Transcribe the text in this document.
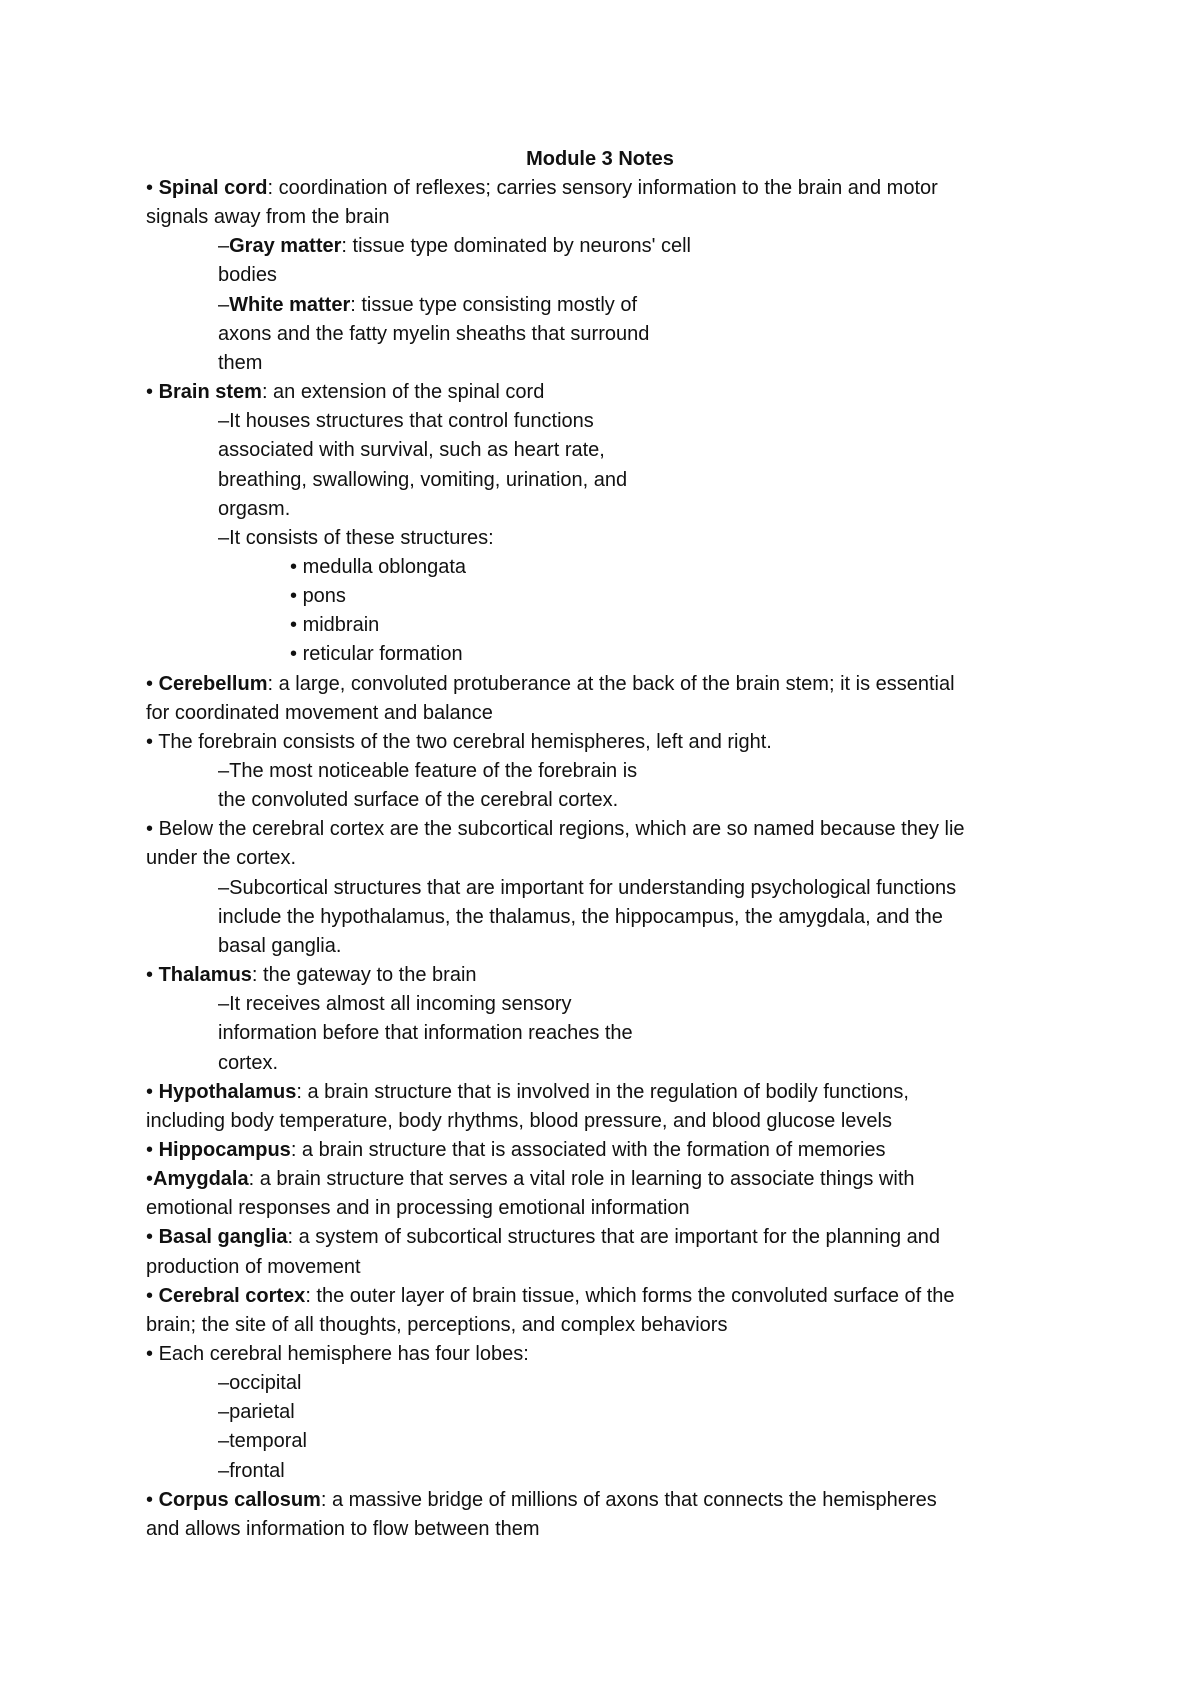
Module 3 Notes

• Spinal cord: coordination of reflexes; carries sensory information to the brain and motor

signals away from the brain

–Gray matter: tissue type dominated by neurons' cell

bodies

–White matter: tissue type consisting mostly of

axons and the fatty myelin sheaths that surround

them

• Brain stem: an extension of the spinal cord

–It houses structures that control functions

associated with survival, such as heart rate,

breathing, swallowing, vomiting, urination, and

orgasm.

–It consists of these structures:

• medulla oblongata

• pons

• midbrain

• reticular formation

• Cerebellum: a large, convoluted protuberance at the back of the brain stem; it is essential

for coordinated movement and balance

• The forebrain consists of the two cerebral hemispheres, left and right.

–The most noticeable feature of the forebrain is

the convoluted surface of the cerebral cortex.

• Below the cerebral cortex are the subcortical regions, which are so named because they lie

under the cortex.

–Subcortical structures that are important for understanding psychological functions

include the hypothalamus, the thalamus, the hippocampus, the amygdala, and the

basal ganglia.

• Thalamus: the gateway to the brain

–It receives almost all incoming sensory

information before that information reaches the

cortex.

• Hypothalamus: a brain structure that is involved in the regulation of bodily functions,

including body temperature, body rhythms, blood pressure, and blood glucose levels

• Hippocampus: a brain structure that is associated with the formation of memories

•Amygdala: a brain structure that serves a vital role in learning to associate things with

emotional responses and in processing emotional information

• Basal ganglia: a system of subcortical structures that are important for the planning and

production of movement

• Cerebral cortex: the outer layer of brain tissue, which forms the convoluted surface of the

brain; the site of all thoughts, perceptions, and complex behaviors

• Each cerebral hemisphere has four lobes:

–occipital

–parietal

–temporal

–frontal

• Corpus callosum: a massive bridge of millions of axons that connects the hemispheres

and allows information to flow between them
